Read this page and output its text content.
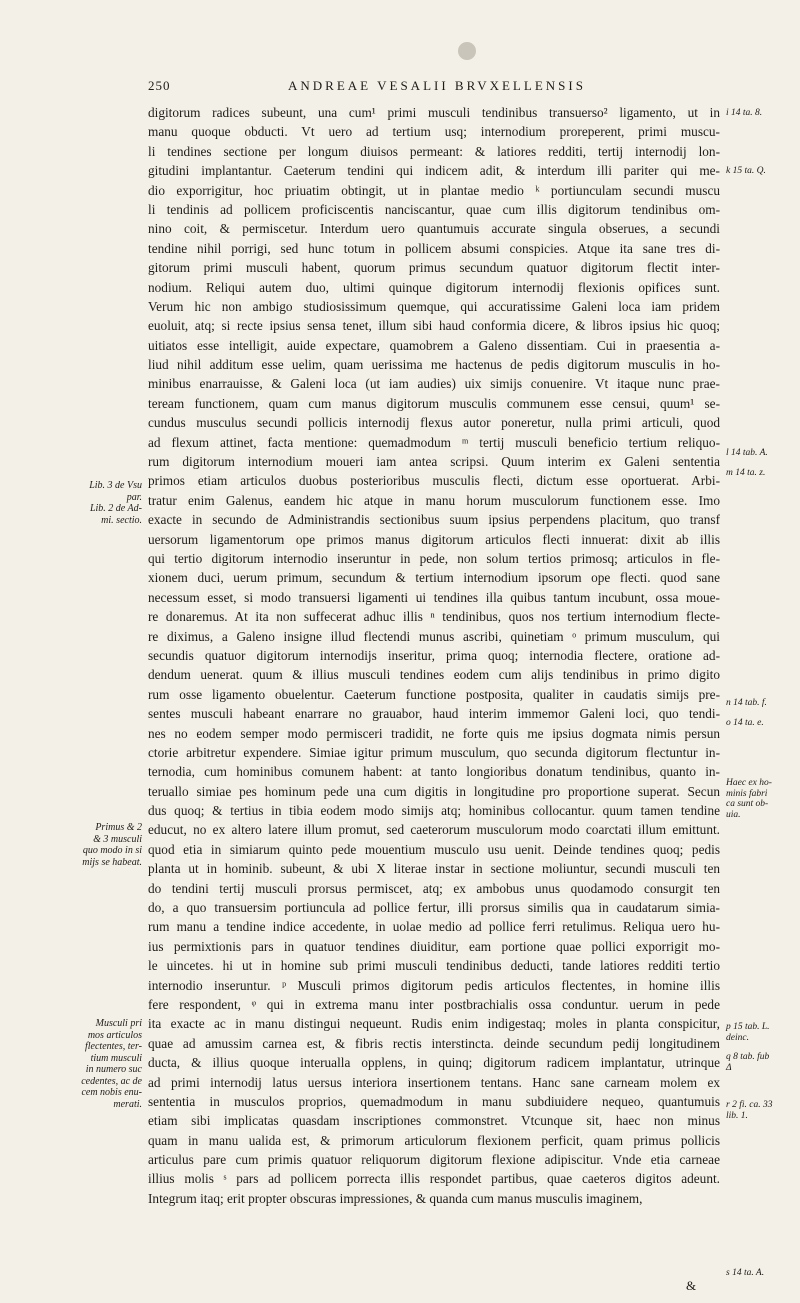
250	ANDREAE VESALII BRVXELLENSIS
digitorum radices subeunt, una cum¹ primi musculi tendinibus transuerso² ligamento, ut in
manu quoque obducti. Vt uero ad tertium usq; internodium proreperent, primi muscu-
li tendines sectione per longum diuisos permeant: & latiores redditi, tertij internodij lon-
gitudini implantantur. Caeterum tendini qui indicem adit, & interdum illi pariter qui me-
dio exporrigitur, hoc priuatim obtingit, ut in plantae medio ᵏ portiunculam secundi muscu
li tendinis ad pollicem proficiscentis nanciscantur, quae cum illis digitorum tendinibus om-
nino coit, & permiscetur. Interdum uero quantumuis accurate singula obserues, a secundi
tendine nihil porrigi, sed hunc totum in pollicem absumi conspicies. Atque ita sane tres di-
gitorum primi musculi habent, quorum primus secundum quatuor digitorum flectit inter-
nodium. Reliqui autem duo, ultimi quinque digitorum internodij flexionis opifices sunt.
Verum hic non ambigo studiosissimum quemque, qui accuratissime Galeni loca iam pridem
euoluit, atq; si recte ipsius sensa tenet, illum sibi haud conformia dicere, & libros ipsius hic quoq;
uitiatos esse intelligit, auide expectare, quamobrem a Galeno dissentiam. Cui in praesentia a-
liud nihil additum esse uelim, quam uerissima me hactenus de pedis digitorum musculis in ho-
minibus enarrauisse, & Galeni loca (ut iam audies) uix simijs conuenire. Vt itaque nunc prae-
teream functionem, quam cum manus digitorum musculis communem esse censui, quum¹ se-
cundus musculus secundi pollicis internodij flexus autor poneretur, nulla primi articuli, quod
ad flexum attinet, facta mentione: quemadmodum ᵐ tertij musculi beneficio tertium reliquo-
rum digitorum internodium moueri iam antea scripsi. Quum interim ex Galeni sententia
primos etiam articulos duobus posterioribus musculis flecti, dictum esse oportuerat. Arbi-
tratur enim Galenus, eandem hic atque in manu horum musculorum functionem esse. Imo
exacte in secundo de Administrandis sectionibus suum ipsius perpendens placitum, quo transf
uersorum ligamentorum ope primos manus digitorum articulos flecti innuerat: dixit ab illis
qui tertio digitorum internodio inseruntur in pede, non solum tertios primosq; articulos in fle-
xionem duci, uerum primum, secundum & tertium internodium ipsorum ope flecti. quod sane
necessum esset, si modo transuersi ligamenti ui tendines illa quibus tantum incubunt, ossa moue-
re donaremus. At ita non suffecerat adhuc illis ⁿ tendinibus, quos nos tertium internodium flecte-
re diximus, a Galeno insigne illud flectendi munus ascribi, quinetiam ᵒ primum musculum, qui
secundis quatuor digitorum internodijs inseritur, prima quoq; internodia flectere, oratione ad-
dendum uenerat. quum & illius musculi tendines eodem cum alijs tendinibus in primo digito
rum osse ligamento obuelentur. Caeterum functione postposita, qualiter in caudatis simijs pre-
sentes musculi habeant enarrare no grauabor, haud interim immemor Galeni loci, quo tendi-
nes no eodem semper modo permisceri tradidit, ne forte quis me ipsius dogmata nimis persun
ctorie arbitretur expendere. Simiae igitur primum musculum, quo secunda digitorum flectuntur in-
ternodia, cum hominibus comunem habent: at tanto longioribus donatum tendinibus, quanto in-
teruallo simiae pes hominum pede una cum digitis in longitudine pro proportione superat. Secun
dus quoq; & tertius in tibia eodem modo simijs atq; hominibus collocantur. quum tamen tendine
educut, no ex altero latere illum promut, sed caeterorum musculorum modo coarctati illum emittunt.
quod etia in simiarum quinto pede mouentium musculo usu uenit. Deinde tendines quoq; pedis
planta ut in hominib. subeunt, & ubi X literae instar in sectione moliuntur, secundi musculi ten
do tendini tertij musculi prorsus permiscet, atq; ex ambobus unus quodamodo consurgit ten
do, a quo transuersim portiuncula ad pollice fertur, illi prorsus similis qua in caudatarum simia-
rum manu a tendine indice accedente, in uolae medio ad pollice ferri retulimus. Reliqua uero hu-
ius permixtionis pars in quatuor tendines diuiditur, eam portione quae pollici exporrigit mo-
le uincetes. hi ut in homine sub primi musculi tendinibus deducti, tande latiores redditi tertio
internodio inseruntur. ᵖ Musculi primos digitorum pedis articulos flectentes, in homine illis
fere respondent, ᵠ qui in extrema manu inter postbrachialis ossa conduntur. uerum in pede
ita exacte ac in manu distingui nequeunt. Rudis enim indigestaq; moles in planta conspicitur,
quae ad amussim carnea est, & fibris rectis interstincta. deinde secundum pedij longitudinem
ducta, & illius quoque interualla opplens, in quinq; digitorum radicem implantatur, utrinque
ad primi internodij latus uersus interiora insertionem tentans. Hanc sane carneam molem ex
sententia in musculos proprios, quemadmodum in manu subdiuidere nequeo, quantumuis
etiam sibi implicatas quasdam inscriptiones commonstret. Vtcunque sit, haec non minus
quam in manu ualida est, & primorum articulorum flexionem perficit, quam primus pollicis
articulus pare cum primis quatuor reliquorum digitorum flexione adipiscitur. Vnde etia carneae
illius molis ˢ pars ad pollicem porrecta illis respondet partibus, quae caeteros digitos adeunt.
Integrum itaq; erit propter obscuras impressiones, & quanda cum manus musculis imaginem,
Lib. 3 de Vsu
par.
Lib. 2 de Ad-
mi. sectio.
Primus & 2
& 3 musculi
quo modo in si
mijs se habeat.
Musculi pri
mos articulos
flectentes, ter-
tium musculi
in numero suc
cedentes, ac de
cem nobis enu-
merati.
i 14 ta. 8.
k 15 ta. Q.
l 14 tab. A.
m 14 ta. z.
n 14 tab. f.
o 14 ta. e.
Haec ex ho-
minis fabri
ca sunt ob-
uia.
p 15 tab. L.
deinc.
q 8 tab. fub
Δ
r 2 fi. ca. 33
lib. 1.
s 14 ta. A.
&
